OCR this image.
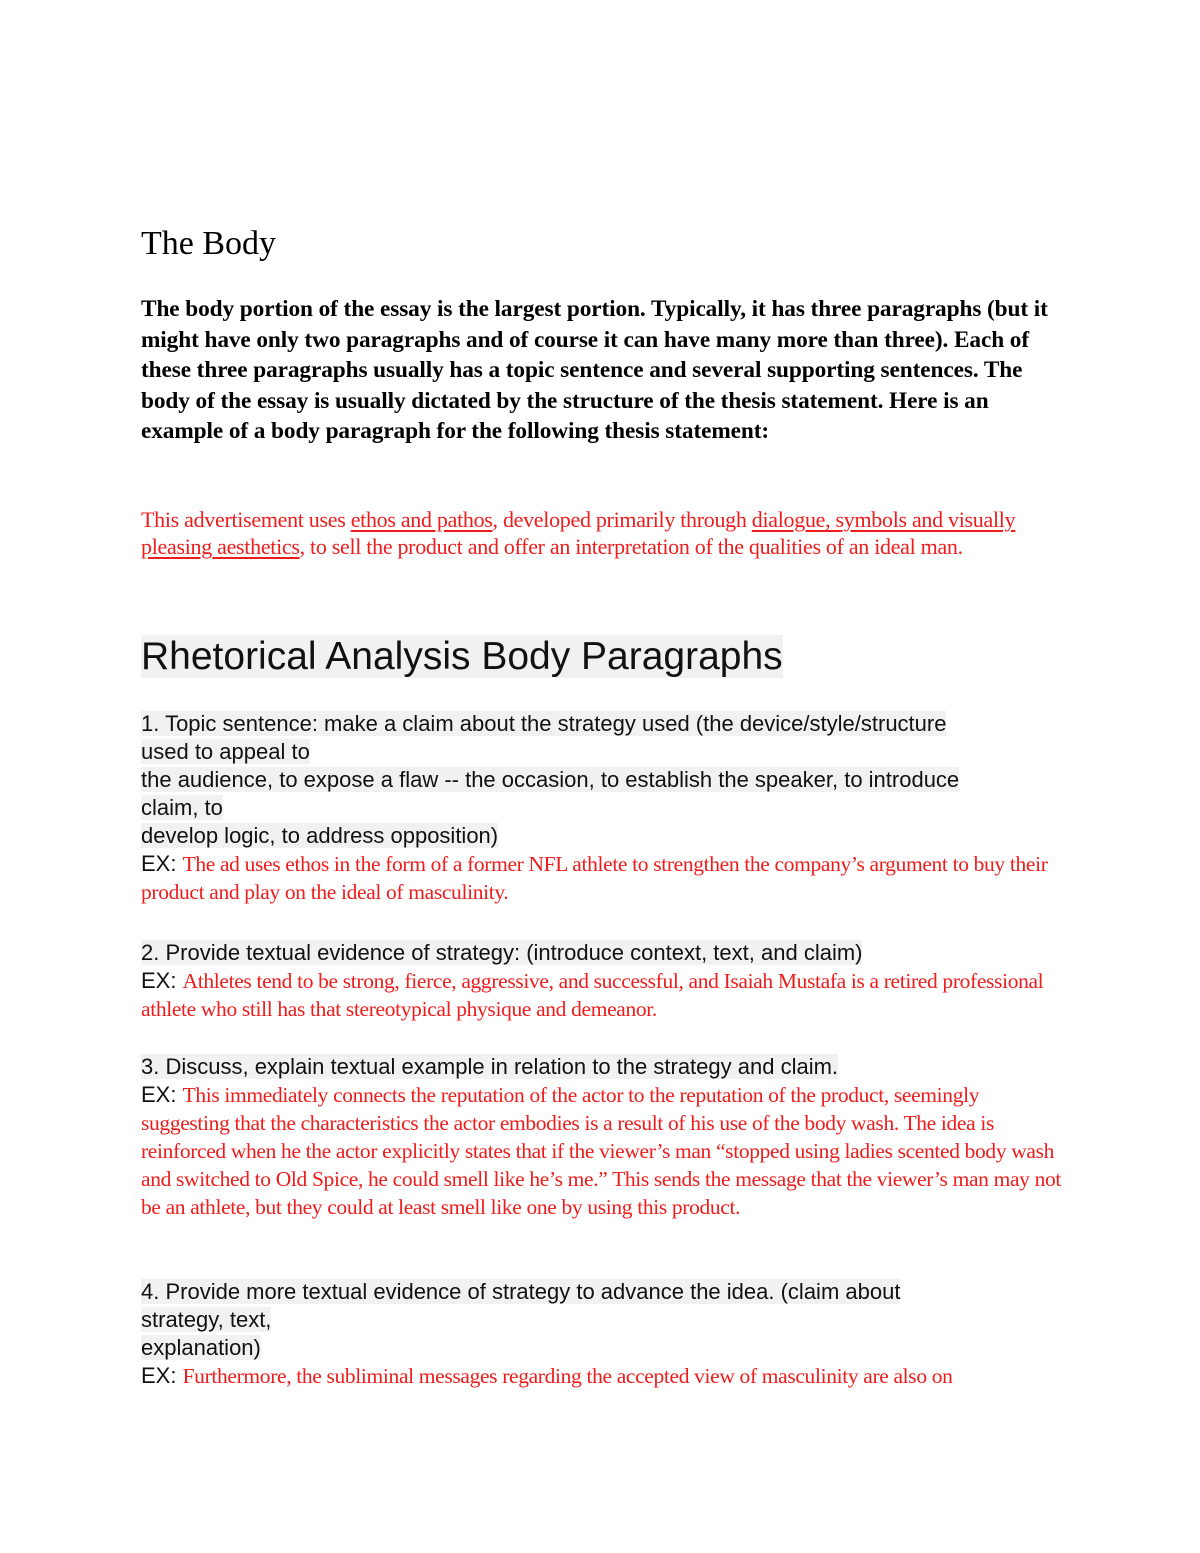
The Body

The body portion of the essay is the largest portion. Typically, it has three paragraphs (but it might have only two paragraphs and of course it can have many more than three). Each of these three paragraphs usually has a topic sentence and several supporting sentences. The body of the essay is usually dictated by the structure of the thesis statement. Here is an example of a body paragraph for the following thesis statement:

This advertisement uses ethos and pathos, developed primarily through dialogue, symbols and visually pleasing aesthetics, to sell the product and offer an interpretation of the qualities of an ideal man.

Rhetorical Analysis Body Paragraphs
1. Topic sentence: make a claim about the strategy used (the device/style/structure
used to appeal to
the audience, to expose a flaw -- the occasion, to establish the speaker, to introduce
claim, to
develop logic, to address opposition)
EX: The ad uses ethos in the form of a former NFL athlete to strengthen the company’s argument to buy their product and play on the ideal of masculinity.
2. Provide textual evidence of strategy: (introduce context, text, and claim)
EX: Athletes tend to be strong, fierce, aggressive, and successful, and Isaiah Mustafa is a retired professional athlete who still has that stereotypical physique and demeanor.
3. Discuss, explain textual example in relation to the strategy and claim.
EX: This immediately connects the reputation of the actor to the reputation of the product, seemingly suggesting that the characteristics the actor embodies is a result of his use of the body wash. The idea is reinforced when he the actor explicitly states that if the viewer’s man “stopped using ladies scented body wash and switched to Old Spice, he could smell like he’s me.” This sends the message that the viewer’s man may not be an athlete, but they could at least smell like one by using this product.
4. Provide more textual evidence of strategy to advance the idea. (claim about
strategy, text,
explanation)
EX: Furthermore, the subliminal messages regarding the accepted view of masculinity are also on
